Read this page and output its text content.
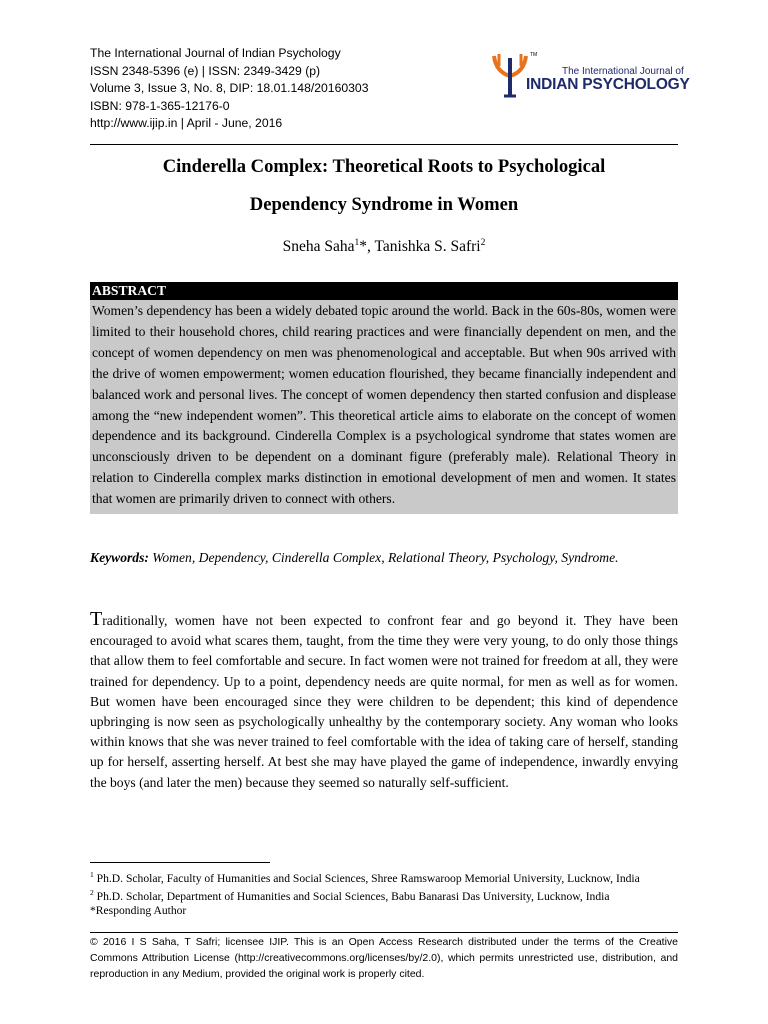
The International Journal of Indian Psychology
ISSN 2348-5396 (e) | ISSN: 2349-3429 (p)
Volume 3, Issue 3, No. 8, DIP: 18.01.148/20160303
ISBN: 978-1-365-12176-0
http://www.ijip.in | April - June, 2016
TM
The International Journal of
INDIAN PSYCHOLOGY
Cinderella Complex: Theoretical Roots to Psychological
Dependency Syndrome in Women
Sneha Saha$^1$*, Tanishka S. Safri$^2$
ABSTRACT
Women’s dependency has been a widely debated topic around the world. Back in the 60s-80s, women were limited to their household chores, child rearing practices and were financially dependent on men, and the concept of women dependency on men was phenomenological and acceptable. But when 90s arrived with the drive of women empowerment; women education flourished, they became financially independent and balanced work and personal lives. The concept of women dependency then started confusion and displease among the “new independent women”. This theoretical article aims to elaborate on the concept of women dependence and its background. Cinderella Complex is a psychological syndrome that states women are unconsciously driven to be dependent on a dominant figure (preferably male). Relational Theory in relation to Cinderella complex marks distinction in emotional development of men and women. It states that women are primarily driven to connect with others.
Keywords: Women, Dependency, Cinderella Complex, Relational Theory, Psychology, Syndrome.
Traditionally, women have not been expected to confront fear and go beyond it. They have been encouraged to avoid what scares them, taught, from the time they were very young, to do only those things that allow them to feel comfortable and secure. In fact women were not trained for freedom at all, they were trained for dependency. Up to a point, dependency needs are quite normal, for men as well as for women. But women have been encouraged since they were children to be dependent; this kind of dependence upbringing is now seen as psychologically unhealthy by the contemporary society. Any woman who looks within knows that she was never trained to feel comfortable with the idea of taking care of herself, standing up for herself, asserting herself. At best she may have played the game of independence, inwardly envying the boys (and later the men) because they seemed so naturally self-sufficient.
$^1$ Ph.D. Scholar, Faculty of Humanities and Social Sciences, Shree Ramswaroop Memorial University, Lucknow, India
$^2$ Ph.D. Scholar, Department of Humanities and Social Sciences, Babu Banarasi Das University, Lucknow, India
*Responding Author
© 2016 I S Saha, T Safri; licensee IJIP. This is an Open Access Research distributed under the terms of the Creative Commons Attribution License (http://creativecommons.org/licenses/by/2.0), which permits unrestricted use, distribution, and reproduction in any Medium, provided the original work is properly cited.
